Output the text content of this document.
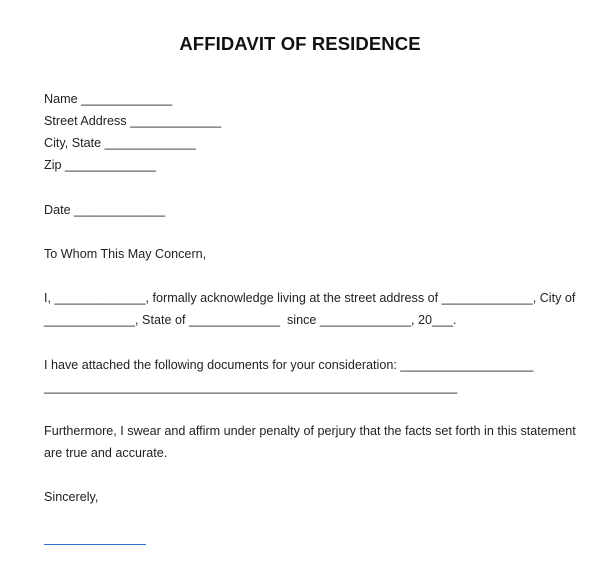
AFFIDAVIT OF RESIDENCE
Name _____________
Street Address _____________
City, State _____________
Zip _____________
Date _____________
To Whom This May Concern,
I, _____________, formally acknowledge living at the street address of _____________, City of
_____________, State of _____________  since _____________, 20___.
I have attached the following documents for your consideration: ___________________
___________________________________________________________
Furthermore, I swear and affirm under penalty of perjury that the facts set forth in this statement
are true and accurate.
Sincerely,
